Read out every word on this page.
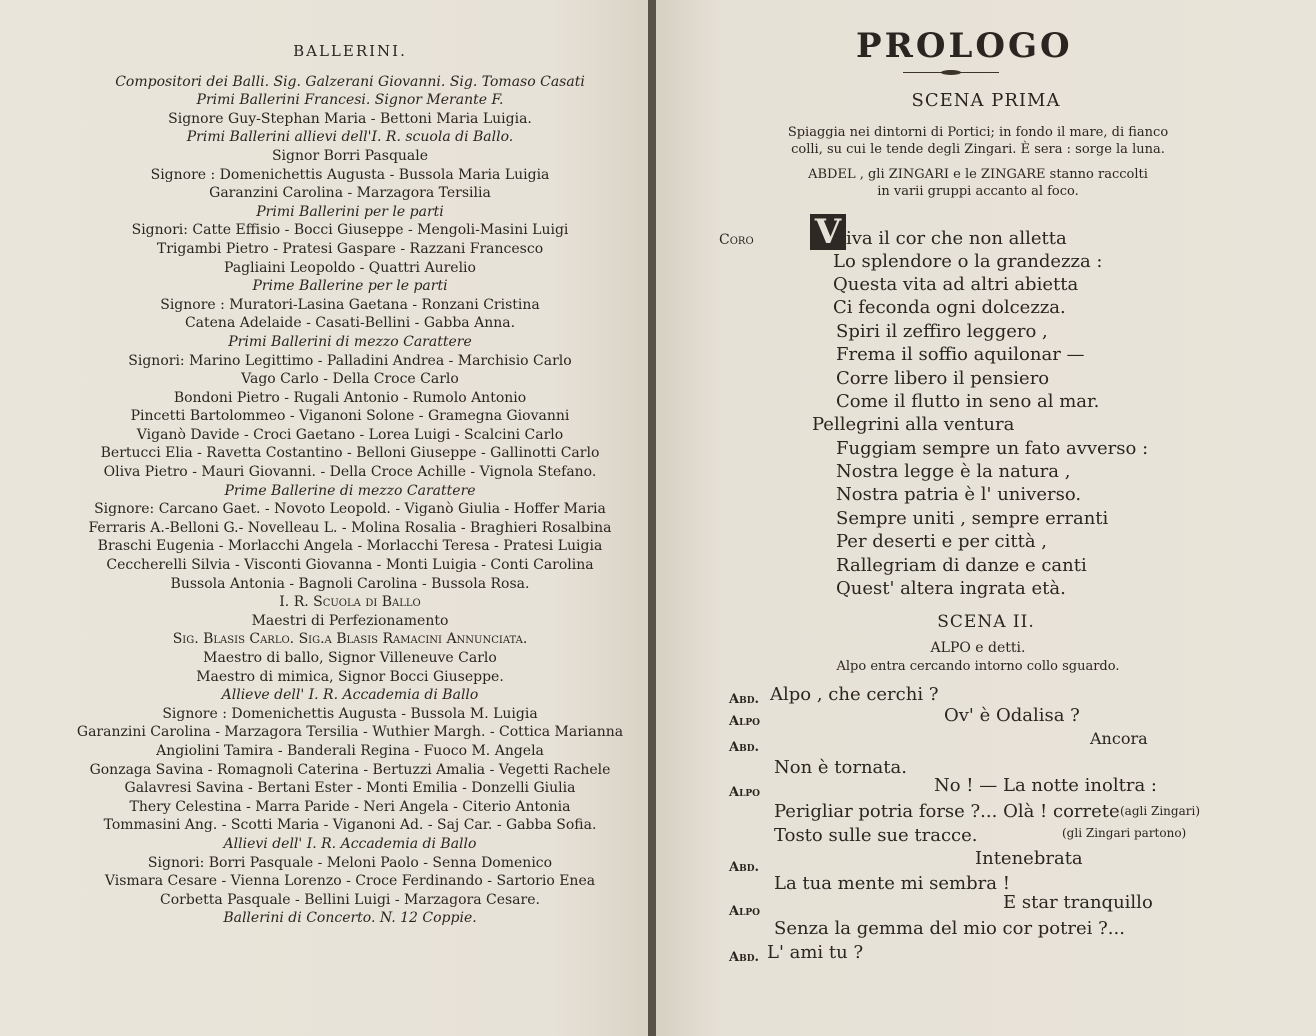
BALLERINI.
Compositori dei Balli. Sig. Galzerani Giovanni. Sig. Tomaso Casati
Primi Ballerini Francesi. Signor Merante F.
Signore Guy-Stephan Maria - Bettoni Maria Luigia.
Primi Ballerini allievi dell'I. R. scuola di Ballo.
Signor Borri Pasquale
Signore : Domenichettis Augusta - Bussola Maria Luigia
Garanzini Carolina - Marzagora Tersilia
Primi Ballerini per le parti
Signori: Catte Effisio - Bocci Giuseppe - Mengoli-Masini Luigi
Trigambi Pietro - Pratesi Gaspare - Razzani Francesco
Pagliaini Leopoldo - Quattri Aurelio
Prime Ballerine per le parti
Signore : Muratori-Lasina Gaetana - Ronzani Cristina
Catena Adelaide - Casati-Bellini - Gabba Anna.
Primi Ballerini di mezzo Carattere
Signori: Marino Legittimo - Palladini Andrea - Marchisio Carlo
Vago Carlo - Della Croce Carlo
Bondoni Pietro - Rugali Antonio - Rumolo Antonio
Pincetti Bartolommeo - Viganoni Solone - Gramegna Giovanni
Viganò Davide - Croci Gaetano - Lorea Luigi - Scalcini Carlo
Bertucci Elia - Ravetta Costantino - Belloni Giuseppe - Gallinotti Carlo
Oliva Pietro - Mauri Giovanni. - Della Croce Achille - Vignola Stefano.
Prime Ballerine di mezzo Carattere
Signore: Carcano Gaet. - Novoto Leopold. - Viganò Giulia - Hoffer Maria
Ferraris A.-Belloni G.- Novelleau L. - Molina Rosalia - Braghieri Rosalbina
Braschi Eugenia - Morlacchi Angela - Morlacchi Teresa - Pratesi Luigia
Ceccherelli Silvia - Visconti Giovanna - Monti Luigia - Conti Carolina
Bussola Antonia - Bagnoli Carolina - Bussola Rosa.
I. R. Scuola di Ballo
Maestri di Perfezionamento
Sig. Blasis Carlo. Sig.a Blasis Ramacini Annunciata.
Maestro di ballo, Signor Villeneuve Carlo
Maestro di mimica, Signor Bocci Giuseppe.
Allieve dell' I. R. Accademia di Ballo
Signore : Domenichettis Augusta - Bussola M. Luigia
Garanzini Carolina - Marzagora Tersilia - Wuthier Margh. - Cottica Marianna
Angiolini Tamira - Banderali Regina - Fuoco M. Angela
Gonzaga Savina - Romagnoli Caterina - Bertuzzi Amalia - Vegetti Rachele
Galavresi Savina - Bertani Ester - Monti Emilia - Donzelli Giulia
Thery Celestina - Marra Paride - Neri Angela - Citerio Antonia
Tommasini Ang. - Scotti Maria - Viganoni Ad. - Saj Car. - Gabba Sofia.
Allievi dell' I. R. Accademia di Ballo
Signori: Borri Pasquale - Meloni Paolo - Senna Domenico
Vismara Cesare - Vienna Lorenzo - Croce Ferdinando - Sartorio Enea
Corbetta Pasquale - Bellini Luigi - Marzagora Cesare.
Ballerini di Concerto. N. 12 Coppie.
PROLOGO
SCENA PRIMA
Spiaggia nei dintorni di Portici; in fondo il mare, di fianco
colli, su cui le tende degli Zingari. È sera : sorge la luna.
ABDEL , gli ZINGARI e le ZINGARE stanno raccolti
in varii gruppi accanto al foco.
Coro V iva il cor che non alletta
Lo splendore o la grandezza :
Questa vita ad altri abietta
Ci feconda ogni dolcezza.
Spiri il zeffiro leggero ,
Frema il soffio aquilonar —
Corre libero il pensiero
Come il flutto in seno al mar.
Pellegrini alla ventura
Fuggiam sempre un fato avverso :
Nostra legge è la natura ,
Nostra patria è l' universo.
Sempre uniti , sempre erranti
Per deserti e per città ,
Rallegriam di danze e canti
Quest' altera ingrata età.
SCENA II.
ALPO e detti.
Alpo entra cercando intorno collo sguardo.
Abd. Alpo , che cerchi ?
Alpo	Ov' è Odalisa ?
Abd.	Ancora
Non è tornata.
Alpo	No ! — La notte inoltra :
Perigliar potria forse ?... Olà ! correte (agli Zingari)
Tosto sulle sue tracce.	(gli Zingari partono)
Abd.	Intenebrata
La tua mente mi sembra !
Alpo	E star tranquillo
Senza la gemma del mio cor potrei ?...
Abd. L' ami tu ?
